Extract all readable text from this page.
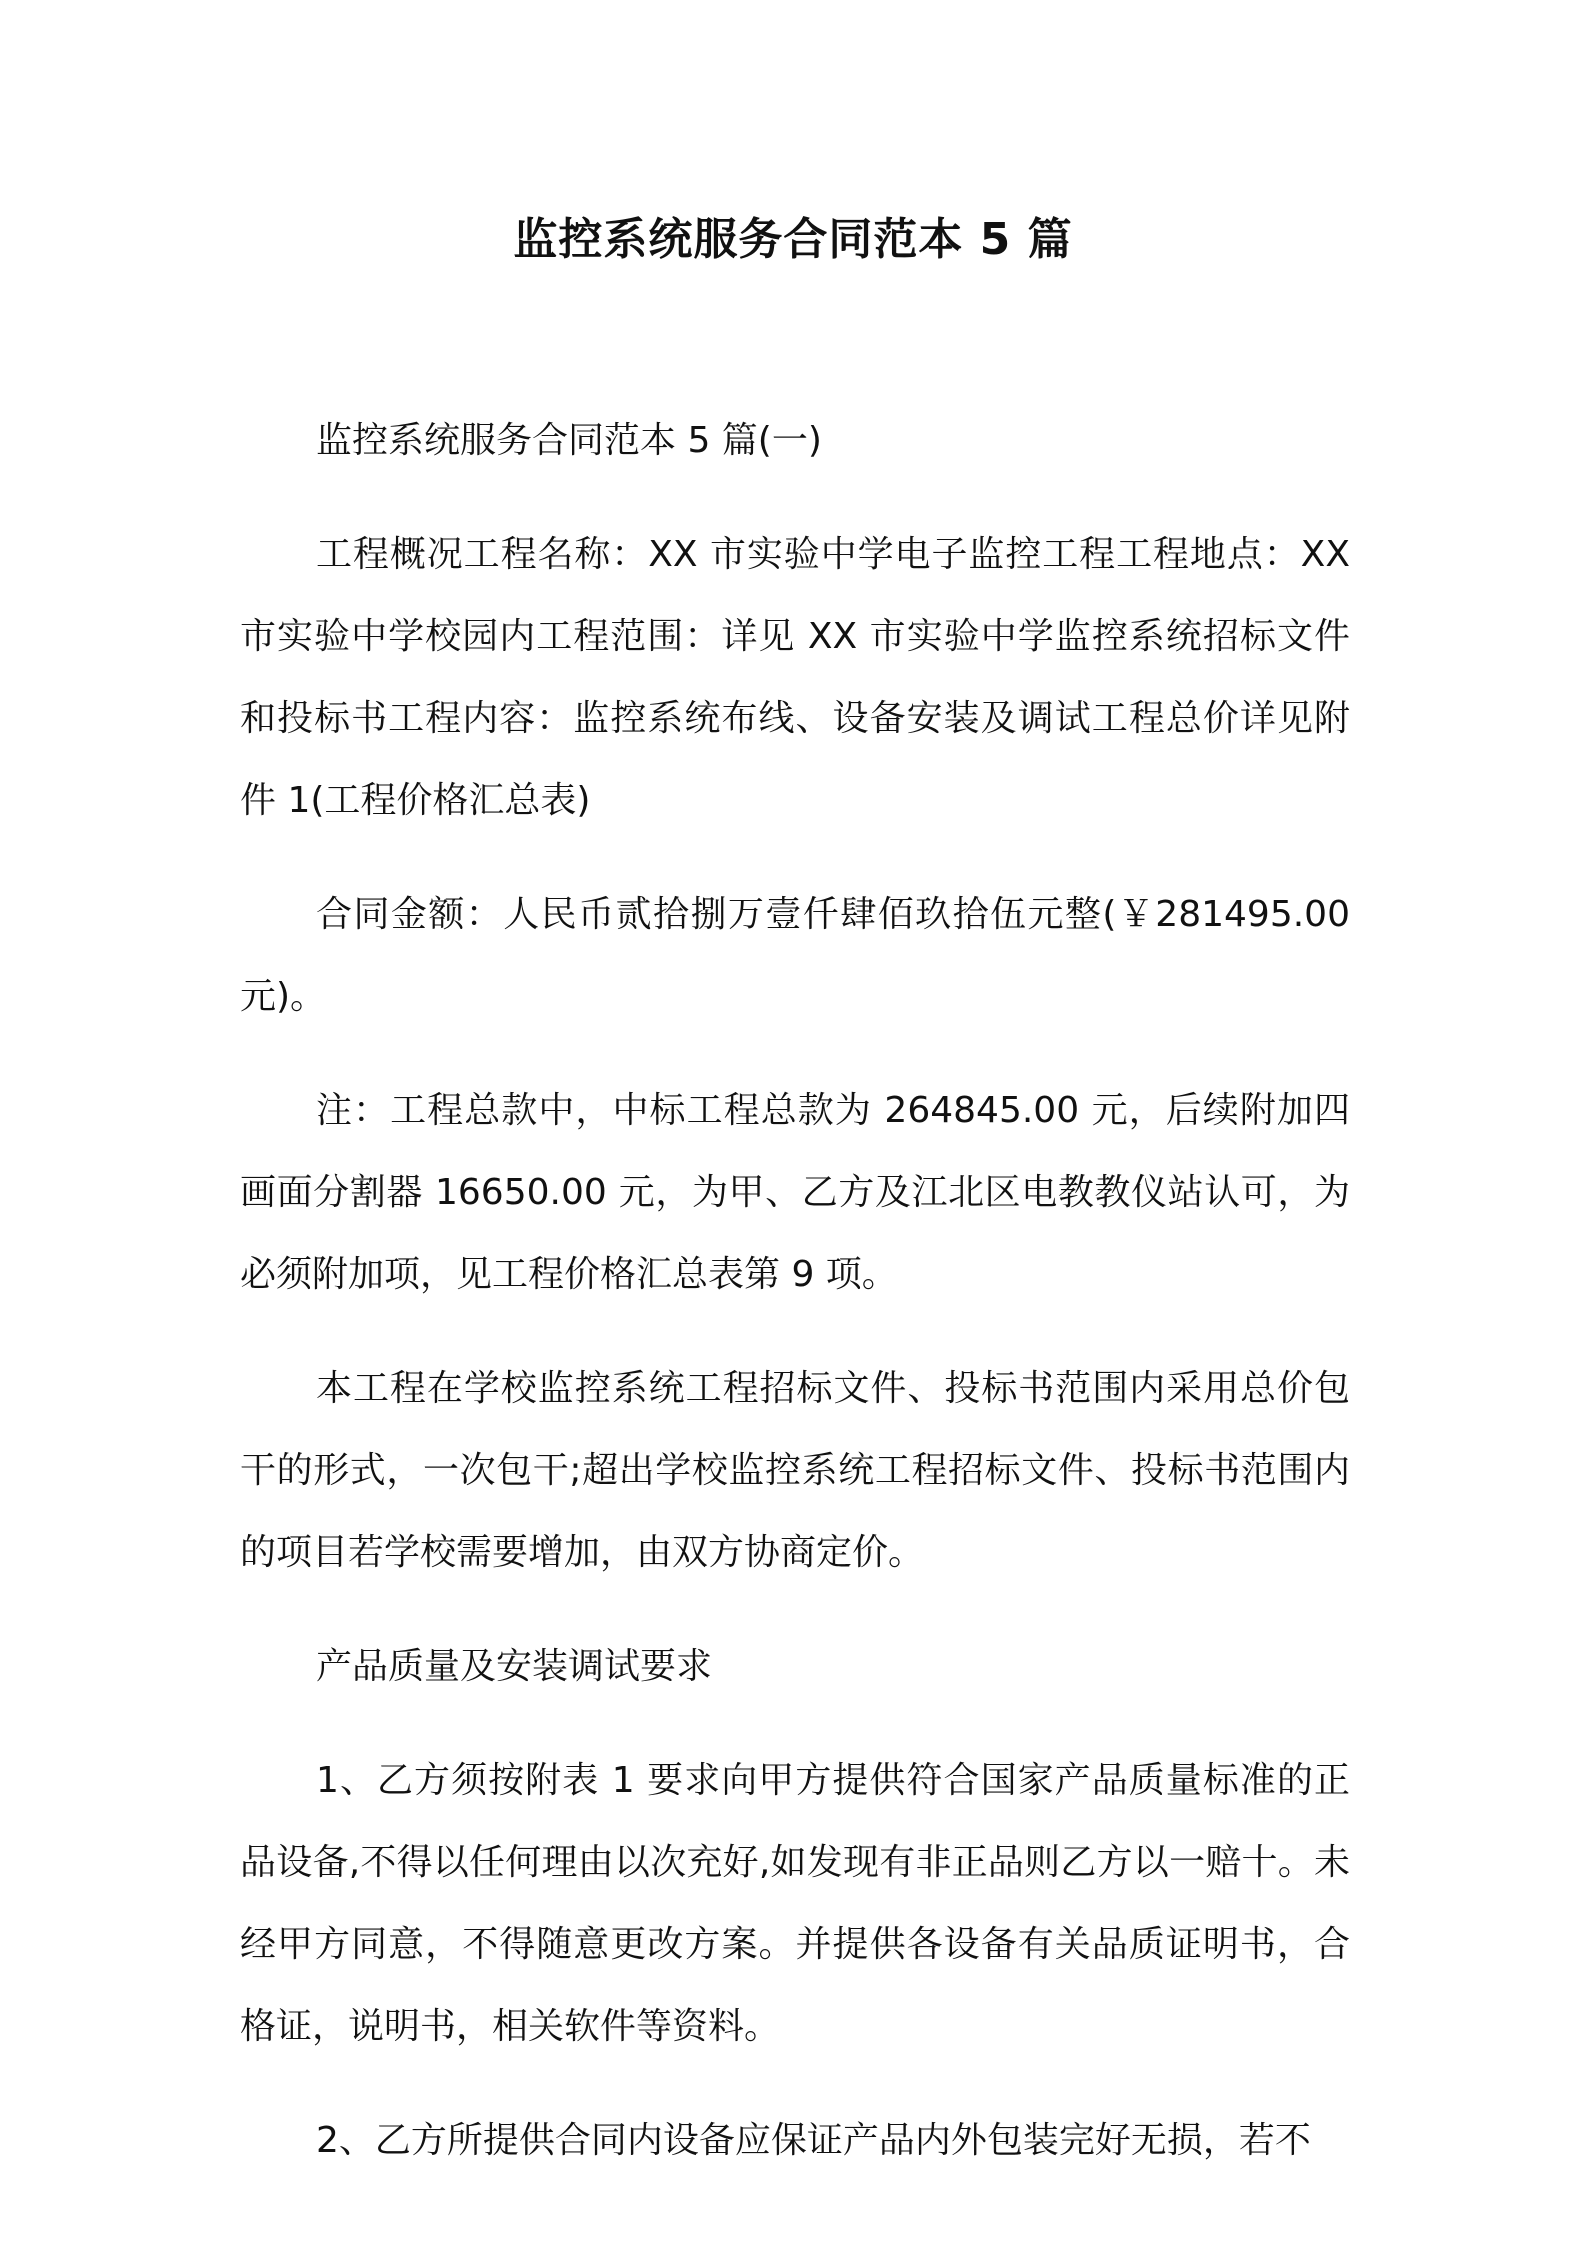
监控系统服务合同范本 5 篇

监控系统服务合同范本 5 篇(一)

工程概况工程名称：XX 市实验中学电子监控工程工程地点：XX 市实验中学校园内工程范围：详见 XX 市实验中学监控系统招标文件和投标书工程内容：监控系统布线、设备安装及调试工程总价详见附件 1(工程价格汇总表)

合同金额：人民币贰拾捌万壹仟肆佰玖拾伍元整(￥281495.00 元)。

注：工程总款中，中标工程总款为 264845.00 元，后续附加四画面分割器 16650.00 元，为甲、乙方及江北区电教教仪站认可，为必须附加项，见工程价格汇总表第 9 项。

本工程在学校监控系统工程招标文件、投标书范围内采用总价包干的形式，一次包干;超出学校监控系统工程招标文件、投标书范围内的项目若学校需要增加，由双方协商定价。

产品质量及安装调试要求

1、乙方须按附表 1 要求向甲方提供符合国家产品质量标准的正品设备,不得以任何理由以次充好,如发现有非正品则乙方以一赔十。未经甲方同意，不得随意更改方案。并提供各设备有关品质证明书，合格证，说明书，相关软件等资料。

2、乙方所提供合同内设备应保证产品内外包装完好无损，若不
